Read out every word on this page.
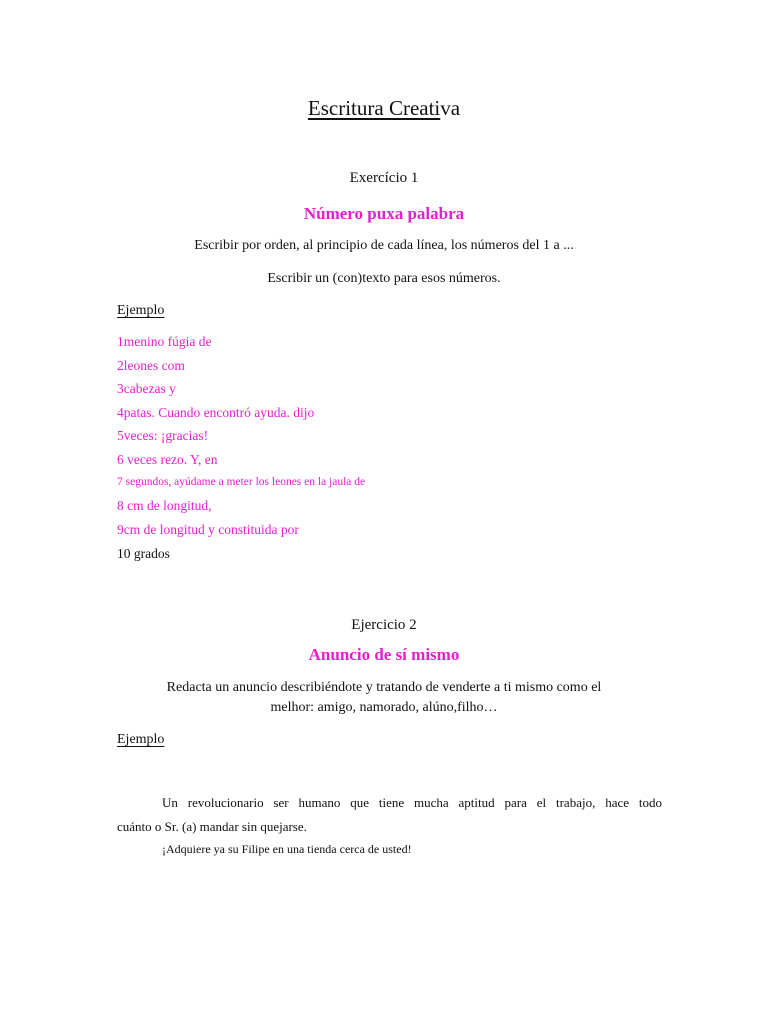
Escritura Creativa
Exercício 1
Número puxa palabra
Escribir por orden, al principio de cada línea, los números del 1 a ...
Escribir un (con)texto para esos números.
Ejemplo
1menino fúgia de
2leones com
3cabezas y
4patas. Cuando encontró ayuda. dijo
5veces: ¡gracias!
6 veces rezo. Y, en
7 segundos, ayúdame a meter los leones en la jaula de
8 cm de longitud,
9cm de longitud y constituida por
10 grados
Ejercicio 2
Anuncio de sí mismo
Redacta un anuncio describiéndote y tratando de venderte a ti mismo como el
melhor: amigo, namorado, alúno,filho…
Ejemplo
Un revolucionario ser humano que tiene mucha aptitud para el trabajo, hace todo
cuánto o Sr. (a) mandar sin quejarse.
¡Adquiere ya su Filipe en una tienda cerca de usted!
